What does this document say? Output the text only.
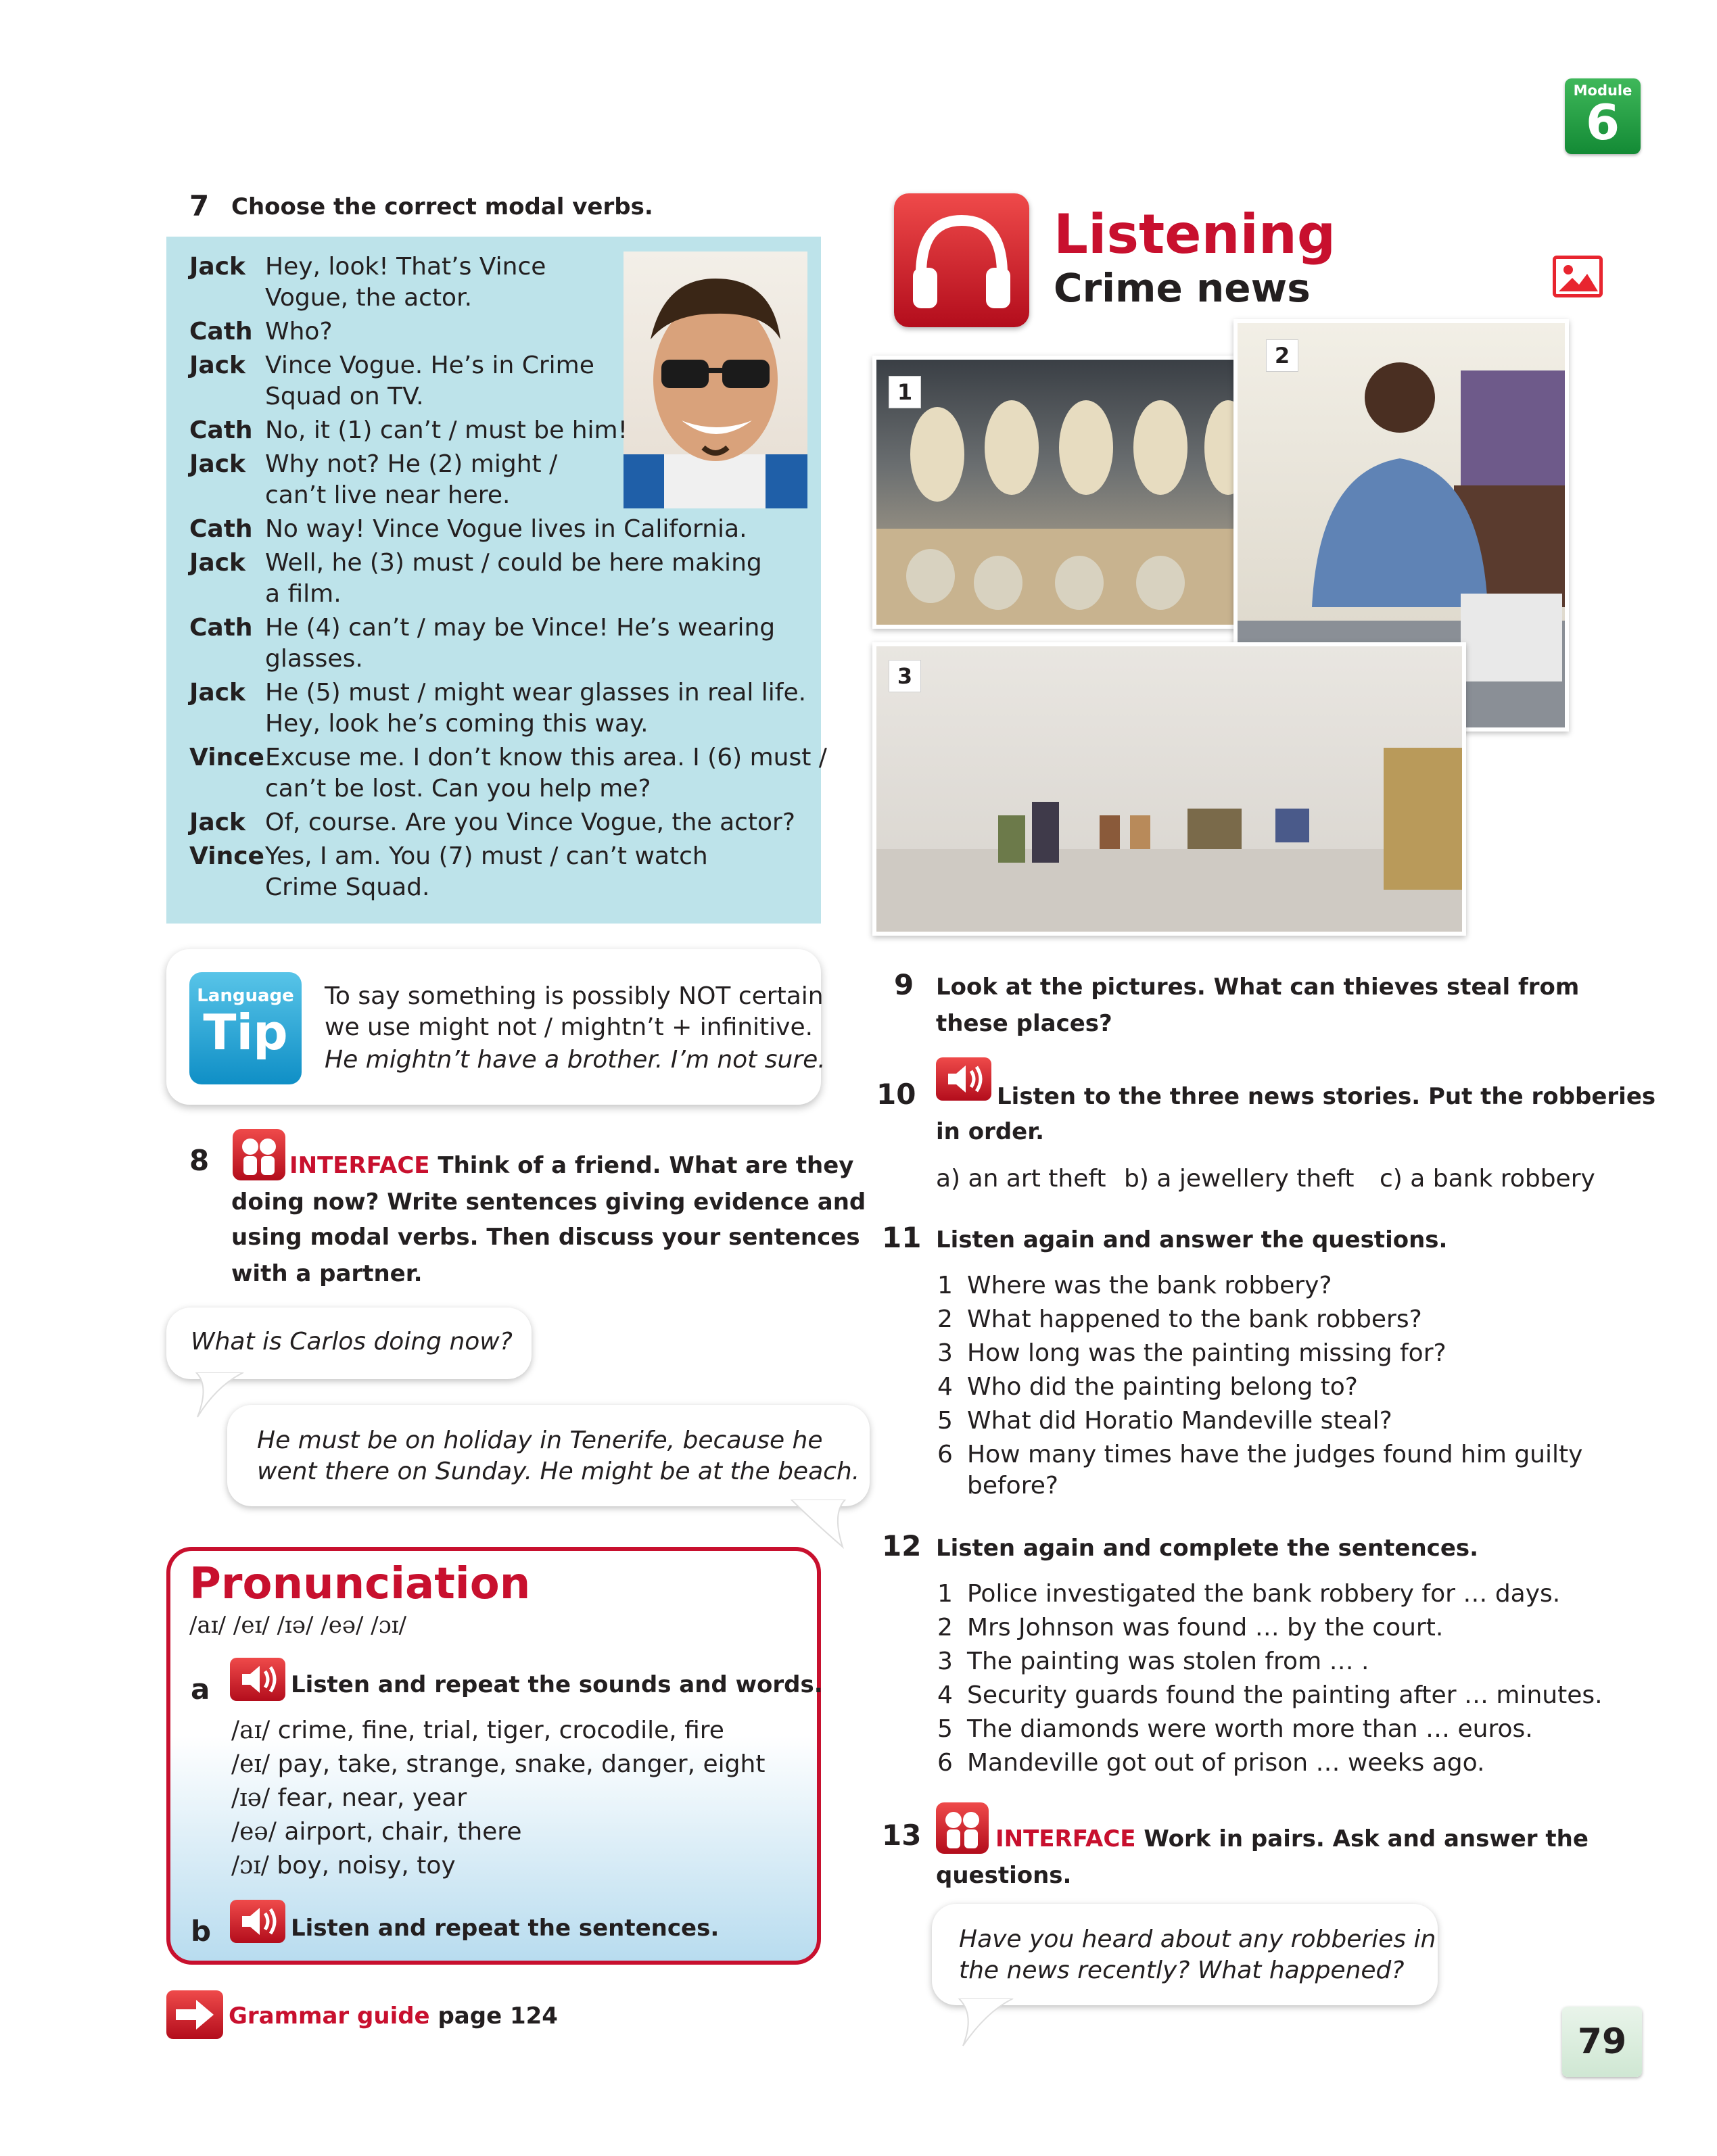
Module
6
7 Choose the correct modal verbs.
Jack Hey, look! That’s Vince
Vogue, the actor.
Cath Who?
Jack Vince Vogue. He’s in Crime
Squad on TV.
Cath No, it (1) can’t / must be him!
Jack Why not? He (2) might /
can’t live near here.
Cath No way! Vince Vogue lives in California.
Jack Well, he (3) must / could be here making
a film.
Cath He (4) can’t / may be Vince! He’s wearing
glasses.
Jack He (5) must / might wear glasses in real life.
Hey, look he’s coming this way.
Vince Excuse me. I don’t know this area. I (6) must /
can’t be lost. Can you help me?
Jack Of, course. Are you Vince Vogue, the actor?
Vince Yes, I am. You (7) must / can’t watch
Crime Squad.
Language
Tip
To say something is possibly NOT certain
we use might not / mightn’t + infinitive.
He mightn’t have a brother. I’m not sure.
8	INTERFACE Think of a friend. What are they
doing now? Write sentences giving evidence and
using modal verbs. Then discuss your sentences
with a partner.
What is Carlos doing now?
He must be on holiday in Tenerife, because he
went there on Sunday. He might be at the beach.
Pronunciation
/aɪ/ /eɪ/ /ɪə/ /eə/ /ɔɪ/
a	Listen and repeat the sounds and words.
/aɪ/ crime, fine, trial, tiger, crocodile, fire
/eɪ/ pay, take, strange, snake, danger, eight
/ɪə/ fear, near, year
/eə/ airport, chair, there
/ɔɪ/ boy, noisy, toy
b	Listen and repeat the sentences.
Grammar guide page 124
Listening
Crime news
1
2
3
9 Look at the pictures. What can thieves steal from
these places?
10	Listen to the three news stories. Put the robberies
in order.
a) an art theft b) a jewellery theft c) a bank robbery
11 Listen again and answer the questions.
1 Where was the bank robbery?
2 What happened to the bank robbers?
3 How long was the painting missing for?
4 Who did the painting belong to?
5 What did Horatio Mandeville steal?
6 How many times have the judges found him guilty
before?
12 Listen again and complete the sentences.
1 Police investigated the bank robbery for … days.
2 Mrs Johnson was found … by the court.
3 The painting was stolen from … .
4 Security guards found the painting after … minutes.
5 The diamonds were worth more than … euros.
6 Mandeville got out of prison … weeks ago.
13	INTERFACE Work in pairs. Ask and answer the
questions.
Have you heard about any robberies in
the news recently? What happened?
79
